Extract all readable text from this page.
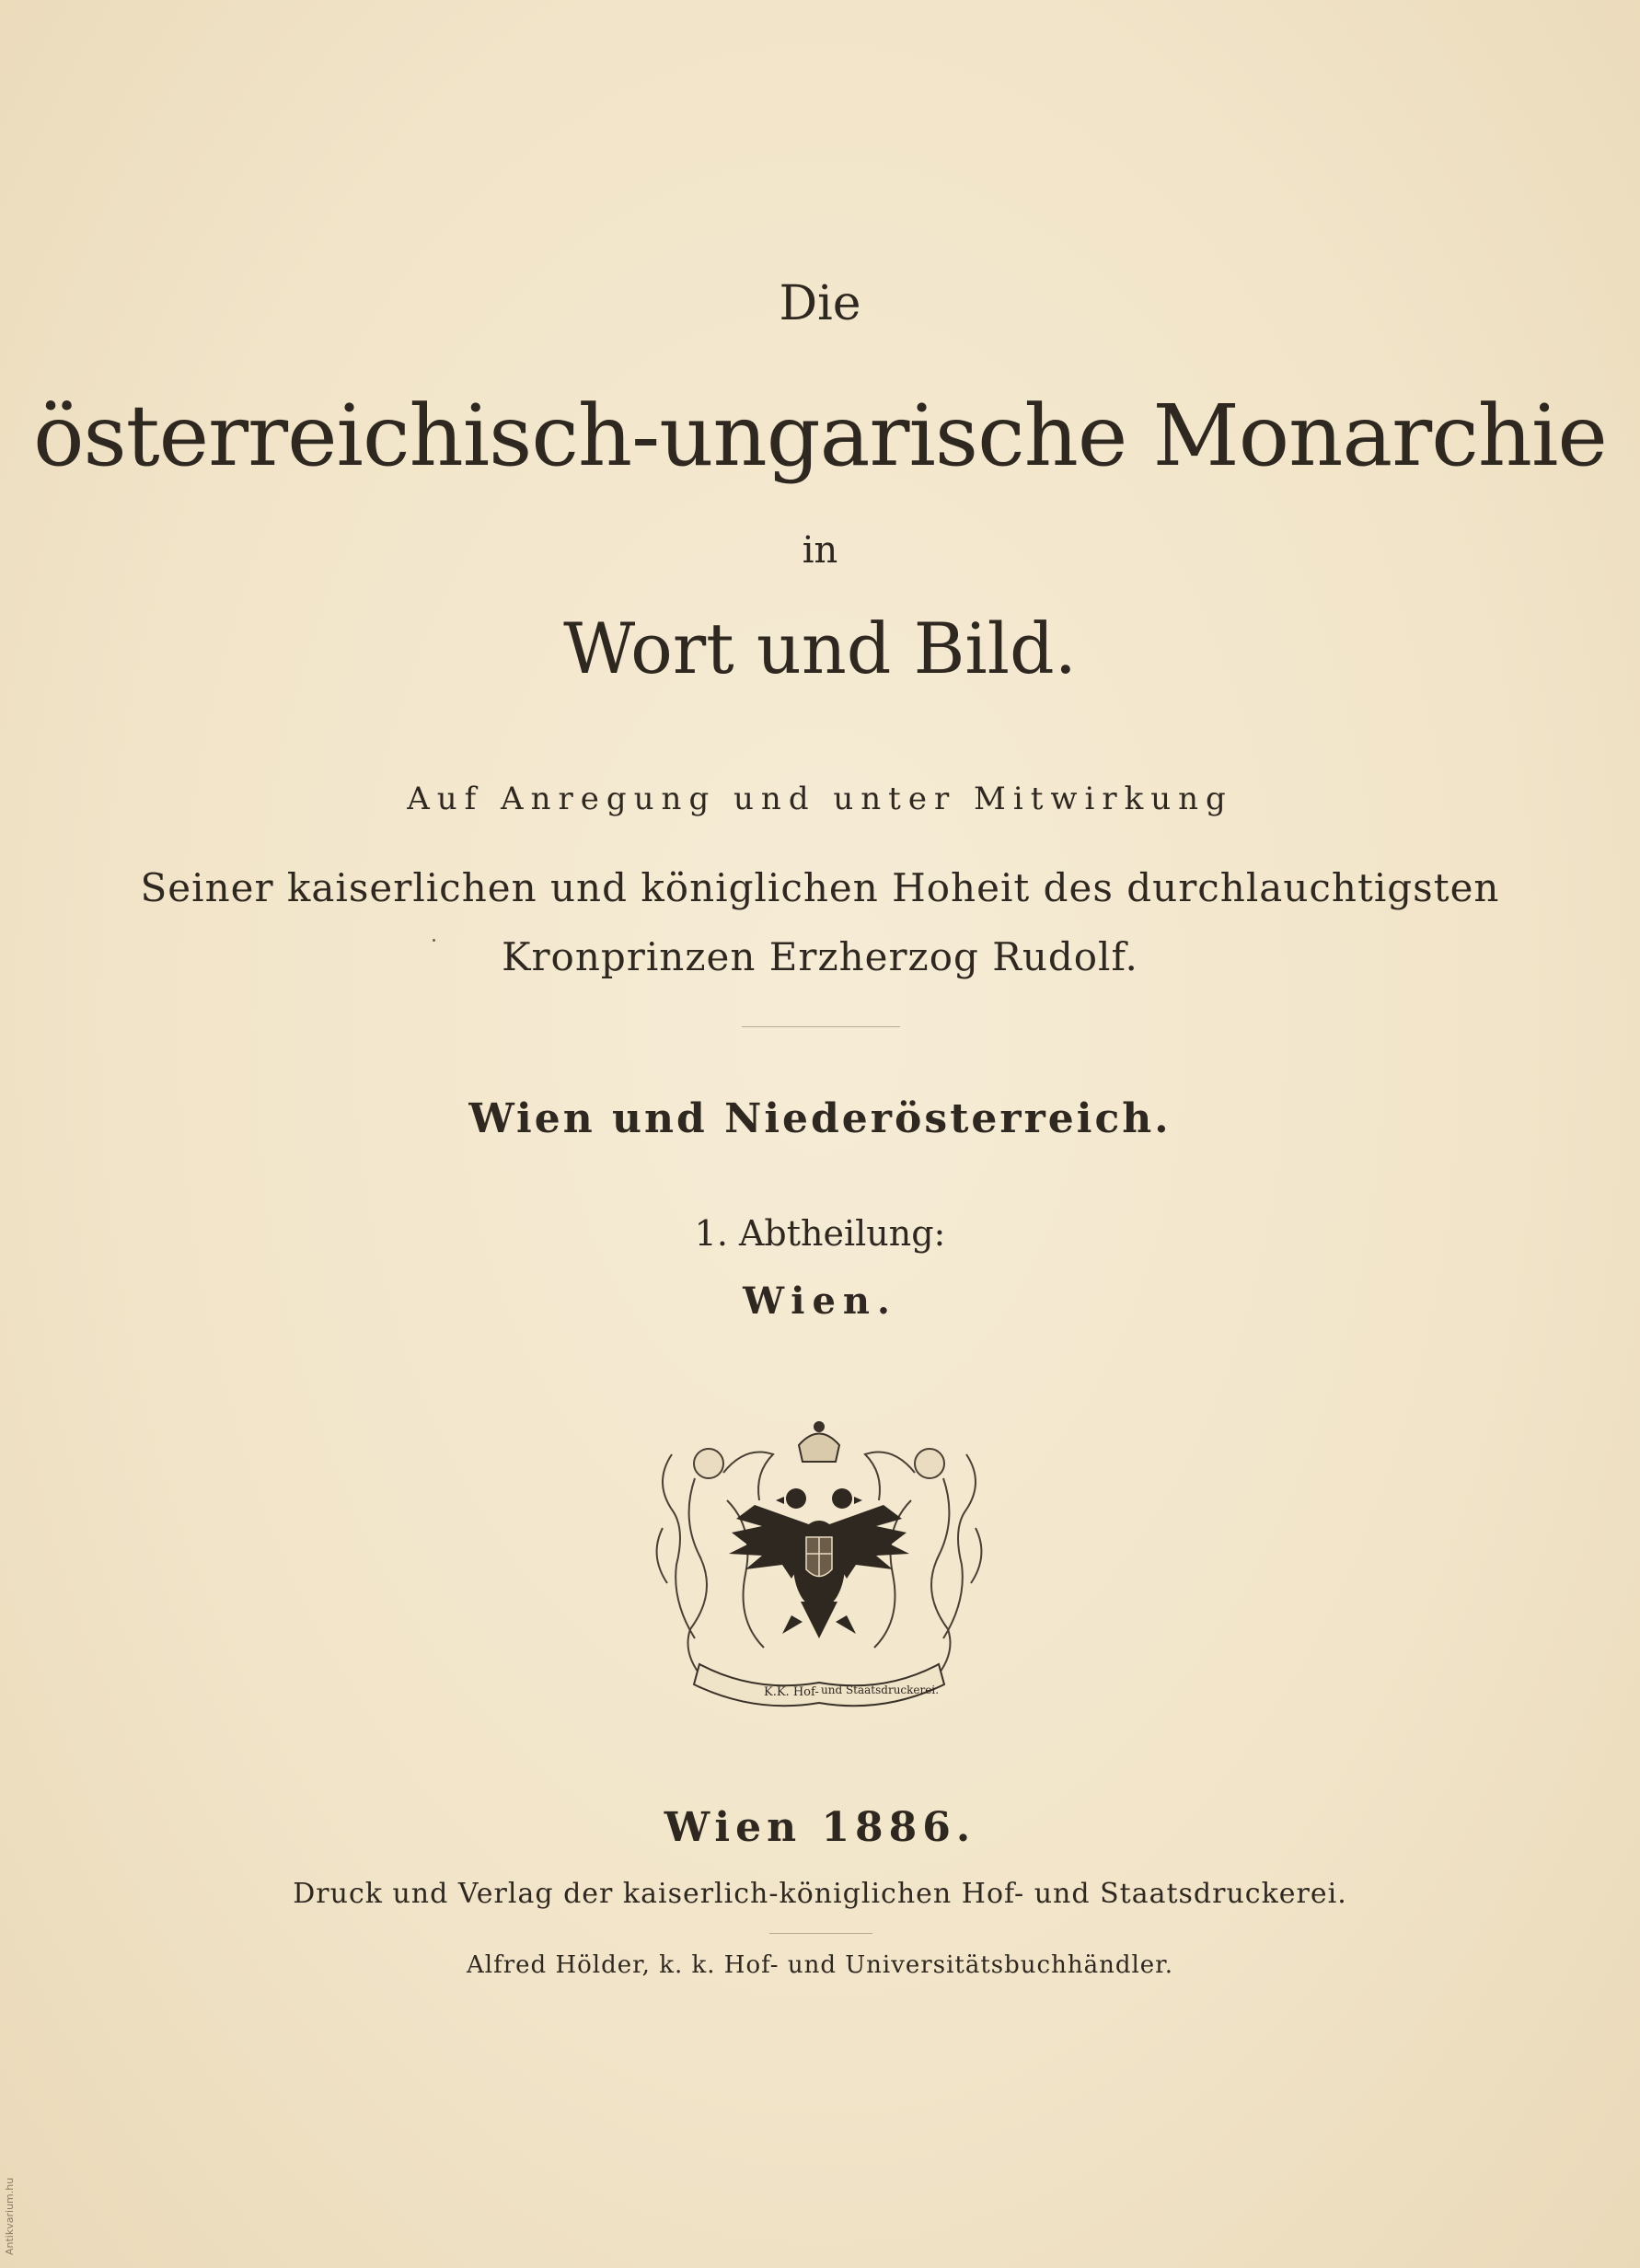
Die
österreichisch-ungarische Monarchie
in
Wort und Bild.
Auf Anregung und unter Mitwirkung
Seiner kaiserlichen und königlichen Hoheit des durchlauchtigsten
Kronprinzen Erzherzog Rudolf.
Wien und Niederösterreich.
1. Abtheilung:
Wien.
K.K. Hof- und Staatsdruckerei.
Wien 1886.
Druck und Verlag der kaiserlich-königlichen Hof- und Staatsdruckerei.
Alfred Hölder, k. k. Hof- und Universitätsbuchhändler.
Antikvarium.hu
